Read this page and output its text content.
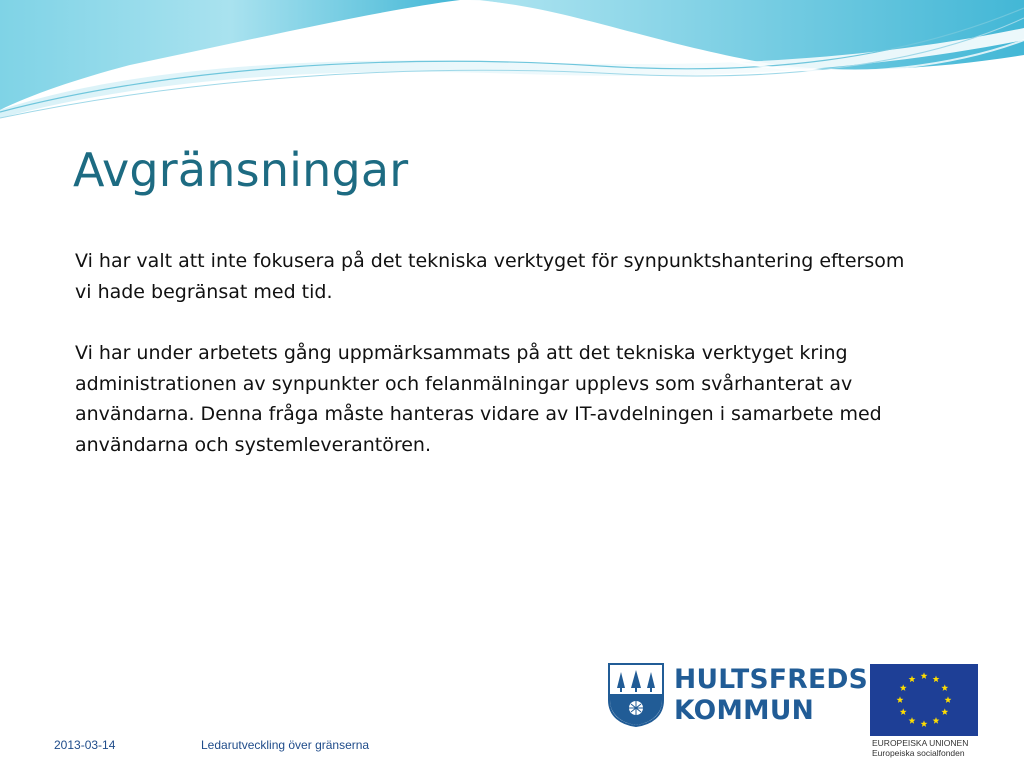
Avgränsningar

Vi har valt att inte fokusera på det tekniska verktyget för synpunktshantering eftersom vi hade begränsat med tid.

Vi har under arbetets gång uppmärksammats på att det tekniska verktyget kring administrationen av synpunkter och felanmälningar upplevs som svårhanterat av användarna. Denna fråga måste hanteras vidare av IT-avdelningen i samarbete med användarna och systemleverantören.

HULTSFREDS
KOMMUN
EUROPEISKA UNIONEN
Europeiska socialfonden
2013-03-14	Ledarutveckling över gränserna
